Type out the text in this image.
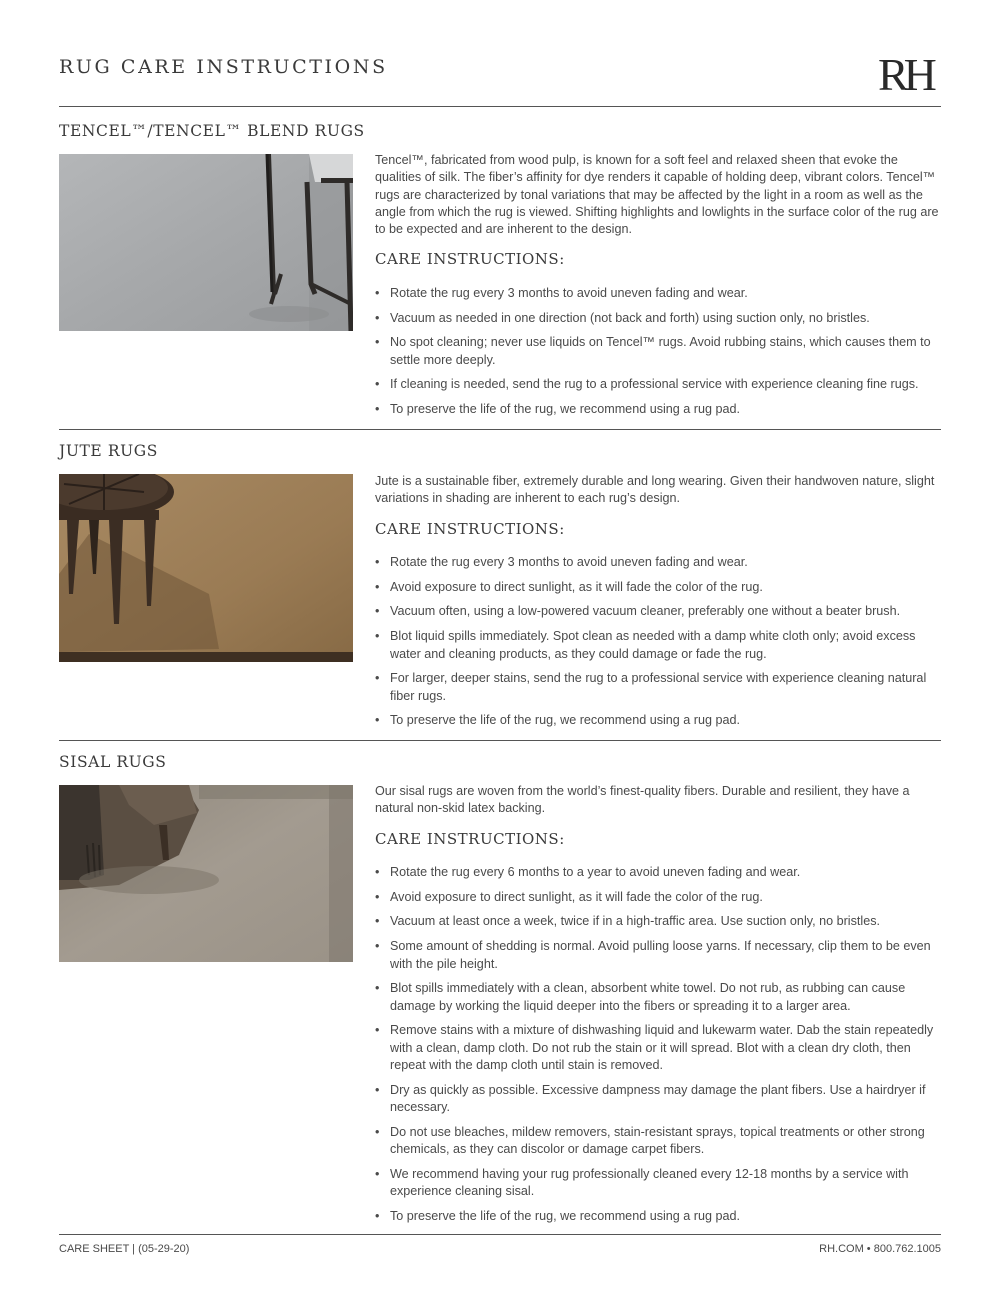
RUG CARE INSTRUCTIONS	RH
TENCEL™/TENCEL™ BLEND RUGS

Tencel™, fabricated from wood pulp, is known for a soft feel and relaxed sheen that evoke the qualities of silk. The fiber’s affinity for dye renders it capable of holding deep, vibrant colors. Tencel™ rugs are characterized by tonal variations that may be affected by the light in a room as well as the angle from which the rug is viewed. Shifting highlights and lowlights in the surface color of the rug are to be expected and are inherent to the design.

CARE INSTRUCTIONS:
• Rotate the rug every 3 months to avoid uneven fading and wear.
• Vacuum as needed in one direction (not back and forth) using suction only, no bristles.
• No spot cleaning; never use liquids on Tencel™ rugs. Avoid rubbing stains, which causes them to settle more deeply.
• If cleaning is needed, send the rug to a professional service with experience cleaning fine rugs.
• To preserve the life of the rug, we recommend using a rug pad.
JUTE RUGS

Jute is a sustainable fiber, extremely durable and long wearing. Given their handwoven nature, slight variations in shading are inherent to each rug’s design.

CARE INSTRUCTIONS:
• Rotate the rug every 3 months to avoid uneven fading and wear.
• Avoid exposure to direct sunlight, as it will fade the color of the rug.
• Vacuum often, using a low-powered vacuum cleaner, preferably one without a beater brush.
• Blot liquid spills immediately. Spot clean as needed with a damp white cloth only; avoid excess water and cleaning products, as they could damage or fade the rug.
• For larger, deeper stains, send the rug to a professional service with experience cleaning natural fiber rugs.
• To preserve the life of the rug, we recommend using a rug pad.
SISAL RUGS

Our sisal rugs are woven from the world’s finest-quality fibers. Durable and resilient, they have a natural non-skid latex backing.

CARE INSTRUCTIONS:
• Rotate the rug every 6 months to a year to avoid uneven fading and wear.
• Avoid exposure to direct sunlight, as it will fade the color of the rug.
• Vacuum at least once a week, twice if in a high-traffic area. Use suction only, no bristles.
• Some amount of shedding is normal. Avoid pulling loose yarns. If necessary, clip them to be even with the pile height.
• Blot spills immediately with a clean, absorbent white towel. Do not rub, as rubbing can cause damage by working the liquid deeper into the fibers or spreading it to a larger area.
• Remove stains with a mixture of dishwashing liquid and lukewarm water. Dab the stain repeatedly with a clean, damp cloth. Do not rub the stain or it will spread. Blot with a clean dry cloth, then repeat with the damp cloth until stain is removed.
• Dry as quickly as possible. Excessive dampness may damage the plant fibers. Use a hairdryer if necessary.
• Do not use bleaches, mildew removers, stain-resistant sprays, topical treatments or other strong chemicals, as they can discolor or damage carpet fibers.
• We recommend having your rug professionally cleaned every 12-18 months by a service with experience cleaning sisal.
• To preserve the life of the rug, we recommend using a rug pad.
CARE SHEET | (05-29-20)	RH.COM • 800.762.1005
